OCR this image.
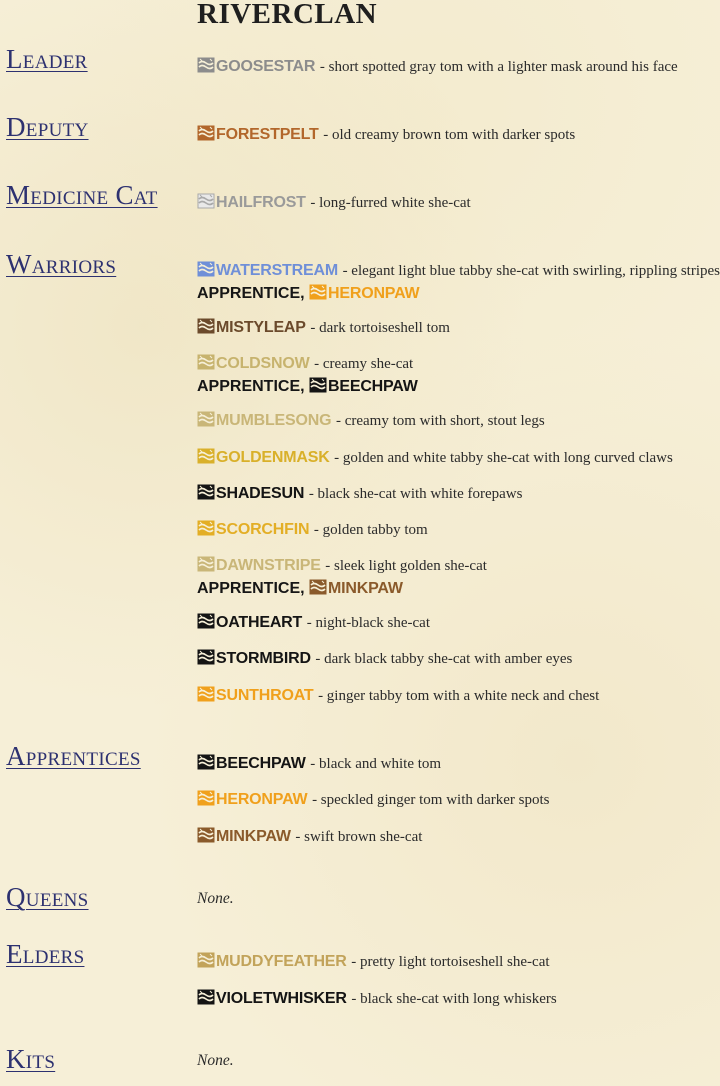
RIVERCLAN
Leader
Deputy
Medicine Cat
Warriors
Apprentices
Queens
Elders
Kits
GOOSESTAR - short spotted gray tom with a lighter mask around his face
FORESTPELT - old creamy brown tom with darker spots
HAILFROST - long-furred white she-cat
WATERSTREAM - elegant light blue tabby she-cat with swirling, rippling stripes
APPRENTICE,
HERONPAW
MISTYLEAP - dark tortoiseshell tom
COLDSNOW - creamy she-cat
APPRENTICE,
BEECHPAW
MUMBLESONG - creamy tom with short, stout legs
GOLDENMASK - golden and white tabby she-cat with long curved claws
SHADESUN - black she-cat with white forepaws
SCORCHFIN - golden tabby tom
DAWNSTRIPE - sleek light golden she-cat
APPRENTICE,
MINKPAW
OATHEART - night-black she-cat
STORMBIRD - dark black tabby she-cat with amber eyes
SUNTHROAT - ginger tabby tom with a white neck and chest
BEECHPAW - black and white tom
HERONPAW - speckled ginger tom with darker spots
MINKPAW - swift brown she-cat
None.
MUDDYFEATHER - pretty light tortoiseshell she-cat
VIOLETWHISKER - black she-cat with long whiskers
None.
